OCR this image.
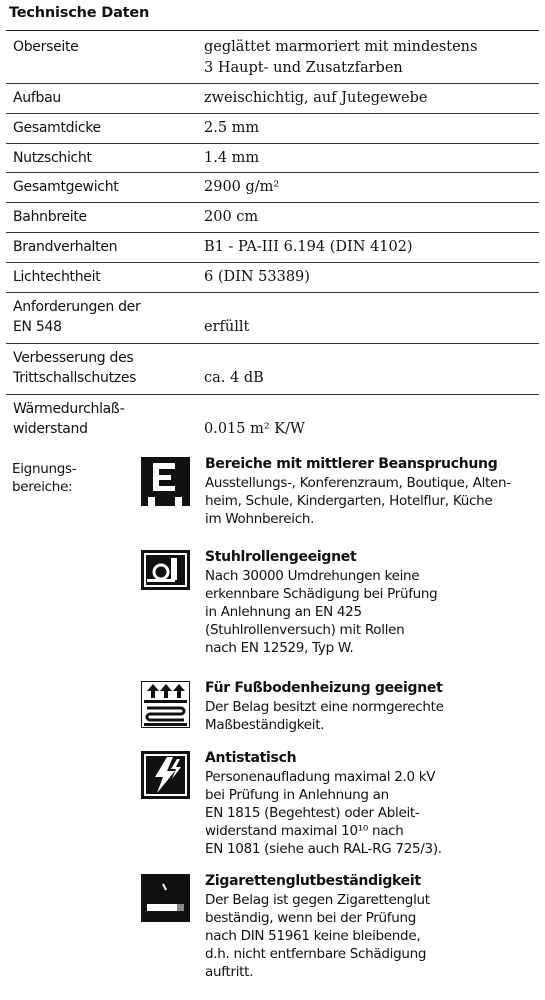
Technische Daten
Oberseite	geglättet marmoriert mit mindestens
3 Haupt- und Zusatzfarben
Aufbau	zweischichtig, auf Jutegewebe
Gesamtdicke	2.5 mm
Nutzschicht	1.4 mm
Gesamtgewicht	2900 g/m²
Bahnbreite	200 cm
Brandverhalten	B1 - PA-III 6.194 (DIN 4102)
Lichtechtheit	6 (DIN 53389)
Anforderungen der
EN 548	erfüllt
Verbesserung des
Trittschallschutzes	ca. 4 dB
Wärmedurchlaß-
widerstand	0.015 m² K/W
Eignungs-
bereiche:
Bereiche mit mittlerer Beanspruchung
Ausstellungs-, Konferenzraum, Boutique, Alten-
heim, Schule, Kindergarten, Hotelflur, Küche
im Wohnbereich.
Stuhlrollengeeignet
Nach 30000 Umdrehungen keine
erkennbare Schädigung bei Prüfung
in Anlehnung an EN 425
(Stuhlrollenversuch) mit Rollen
nach EN 12529, Typ W.
Für Fußbodenheizung geeignet
Der Belag besitzt eine normgerechte
Maßbeständigkeit.
Antistatisch
Personenaufladung maximal 2.0 kV
bei Prüfung in Anlehnung an
EN 1815 (Begehtest) oder Ableit-
widerstand maximal 10¹⁰ nach
EN 1081 (siehe auch RAL-RG 725/3).
Zigarettenglutbeständigkeit
Der Belag ist gegen Zigarettenglut
beständig, wenn bei der Prüfung
nach DIN 51961 keine bleibende,
d.h. nicht entfernbare Schädigung
auftritt.
